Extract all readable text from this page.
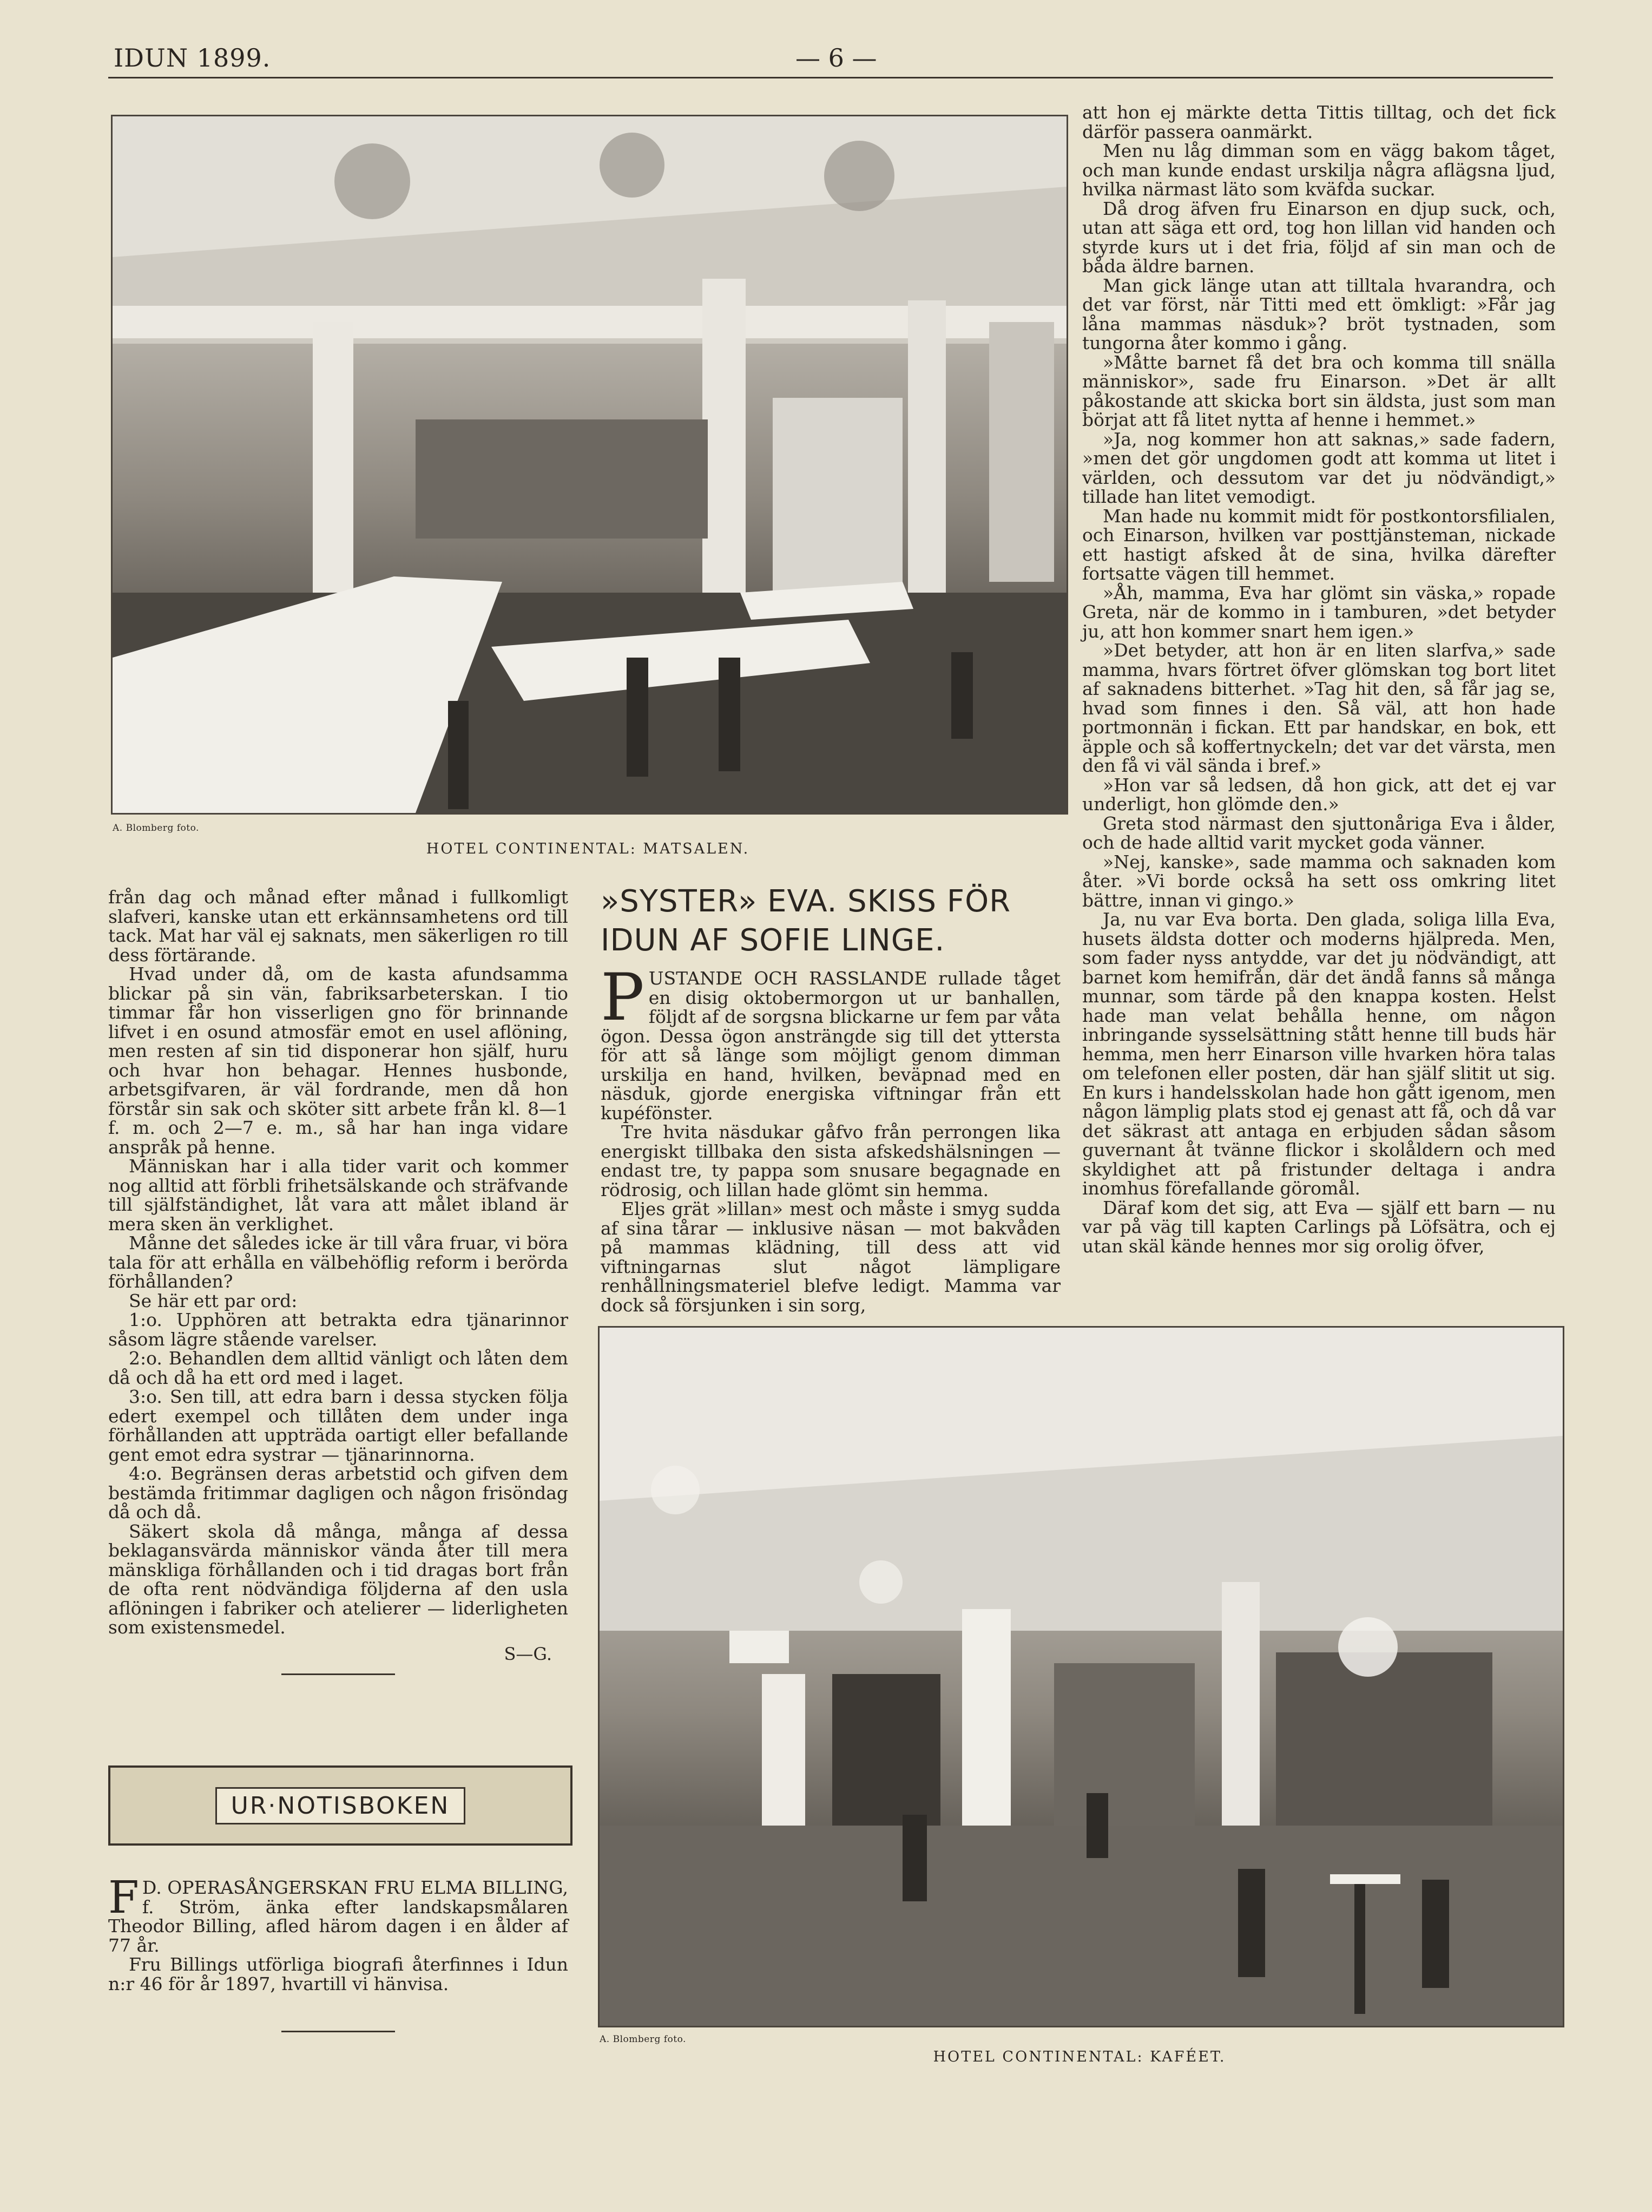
IDUN 1899.	— 6 —
A. Blomberg foto.
HOTEL CONTINENTAL: MATSALEN.

från dag och månad efter månad i fullkomligt slafveri, kanske utan ett erkännsamhetens ord till tack. Mat har väl ej saknats, men säkerligen ro till dess förtärande.

Hvad under då, om de kasta afundsamma blickar på sin vän, fabriksarbeterskan. I tio timmar får hon visserligen gno för brinnande lifvet i en osund atmosfär emot en usel aflöning, men resten af sin tid disponerar hon själf, huru och hvar hon behagar. Hennes husbonde, arbetsgifvaren, är väl fordrande, men då hon förstår sin sak och sköter sitt arbete från kl. 8—1 f. m. och 2—7 e. m., så har han inga vidare anspråk på henne.

Människan har i alla tider varit och kommer nog alltid att förbli frihetsälskande och sträfvande till själfständighet, låt vara att målet ibland är mera sken än verklighet.

Månne det således icke är till våra fruar, vi böra tala för att erhålla en välbehöflig reform i berörda förhållanden?

Se här ett par ord:

1:o. Upphören att betrakta edra tjänarinnor såsom lägre stående varelser.

2:o. Behandlen dem alltid vänligt och låten dem då och då ha ett ord med i laget.

3:o. Sen till, att edra barn i dessa stycken följa edert exempel och tillåten dem under inga förhållanden att uppträda oartigt eller befallande gent emot edra systrar — tjänarinnorna.

4:o. Begränsen deras arbetstid och gifven dem bestämda fritimmar dagligen och någon frisöndag då och då.

Säkert skola då många, många af dessa beklagansvärda människor vända åter till mera mänskliga förhållanden och i tid dragas bort från de ofta rent nödvändiga följderna af den usla aflöningen i fabriker och atelierer — liderligheten som existensmedel.

S—G.
UR·NOTISBOKEN

F D. OPERASÅNGERSKAN FRU ELMA BILLING, f. Ström, änka efter landskapsmålaren Theodor Billing, afled härom dagen i en ålder af 77 år.

Fru Billings utförliga biografi återfinnes i Idun n:r 46 för år 1897, hvartill vi hänvisa.

»SYSTER» EVA. SKISS FÖR IDUN AF SOFIE LINGE.

PUSTANDE OCH RASSLANDE rullade tåget en disig oktobermorgon ut ur banhallen, följdt af de sorgsna blickarne ur fem par våta ögon. Dessa ögon ansträngde sig till det yttersta för att så länge som möjligt genom dimman urskilja en hand, hvilken, beväpnad med en näsduk, gjorde energiska viftningar från ett kupéfönster.

Tre hvita näsdukar gåfvo från perrongen lika energiskt tillbaka den sista afskedshälsningen — endast tre, ty pappa som snusare begagnade en rödrosig, och lillan hade glömt sin hemma.

Eljes grät »lillan» mest och måste i smyg sudda af sina tårar — inklusive näsan — mot bakvåden på mammas klädning, till dess att vid viftningarnas slut något lämpligare renhållningsmateriel blefve ledigt. Mamma var dock så försjunken i sin sorg,

att hon ej märkte detta Tittis tilltag, och det fick därför passera oanmärkt.

Men nu låg dimman som en vägg bakom tåget, och man kunde endast urskilja några aflägsna ljud, hvilka närmast läto som kväfda suckar.

Då drog äfven fru Einarson en djup suck, och, utan att säga ett ord, tog hon lillan vid handen och styrde kurs ut i det fria, följd af sin man och de båda äldre barnen.

Man gick länge utan att tilltala hvarandra, och det var först, när Titti med ett ömkligt: »Får jag låna mammas näsduk»? bröt tystnaden, som tungorna åter kommo i gång.

»Måtte barnet få det bra och komma till snälla människor», sade fru Einarson. »Det är allt påkostande att skicka bort sin äldsta, just som man börjat att få litet nytta af henne i hemmet.»

»Ja, nog kommer hon att saknas,» sade fadern, »men det gör ungdomen godt att komma ut litet i världen, och dessutom var det ju nödvändigt,» tillade han litet vemodigt.

Man hade nu kommit midt för postkontorsfilialen, och Einarson, hvilken var posttjänsteman, nickade ett hastigt afsked åt de sina, hvilka därefter fortsatte vägen till hemmet.

»Åh, mamma, Eva har glömt sin väska,» ropade Greta, när de kommo in i tamburen, »det betyder ju, att hon kommer snart hem igen.»

»Det betyder, att hon är en liten slarfva,» sade mamma, hvars förtret öfver glömskan tog bort litet af saknadens bitterhet. »Tag hit den, så får jag se, hvad som finnes i den. Så väl, att hon hade portmonnän i fickan. Ett par handskar, en bok, ett äpple och så koffertnyckeln; det var det värsta, men den få vi väl sända i bref.»

»Hon var så ledsen, då hon gick, att det ej var underligt, hon glömde den.»

Greta stod närmast den sjuttonåriga Eva i ålder, och de hade alltid varit mycket goda vänner.

»Nej, kanske», sade mamma och saknaden kom åter. »Vi borde också ha sett oss omkring litet bättre, innan vi gingo.»

Ja, nu var Eva borta. Den glada, soliga lilla Eva, husets äldsta dotter och moderns hjälpreda. Men, som fader nyss antydde, var det ju nödvändigt, att barnet kom hemifrån, där det ändå fanns så många munnar, som tärde på den knappa kosten. Helst hade man velat behålla henne, om någon inbringande sysselsättning stått henne till buds här hemma, men herr Einarson ville hvarken höra talas om telefonen eller posten, där han själf slitit ut sig. En kurs i handelsskolan hade hon gått igenom, men någon lämplig plats stod ej genast att få, och då var det säkrast att antaga en erbjuden sådan såsom guvernant åt tvänne flickor i skolåldern och med skyldighet att på fristunder deltaga i andra inomhus förefallande göromål.

Däraf kom det sig, att Eva — själf ett barn — nu var på väg till kapten Carlings på Löfsätra, och ej utan skäl kände hennes mor sig orolig öfver,

A. Blomberg foto.
HOTEL CONTINENTAL: KAFÉET.
